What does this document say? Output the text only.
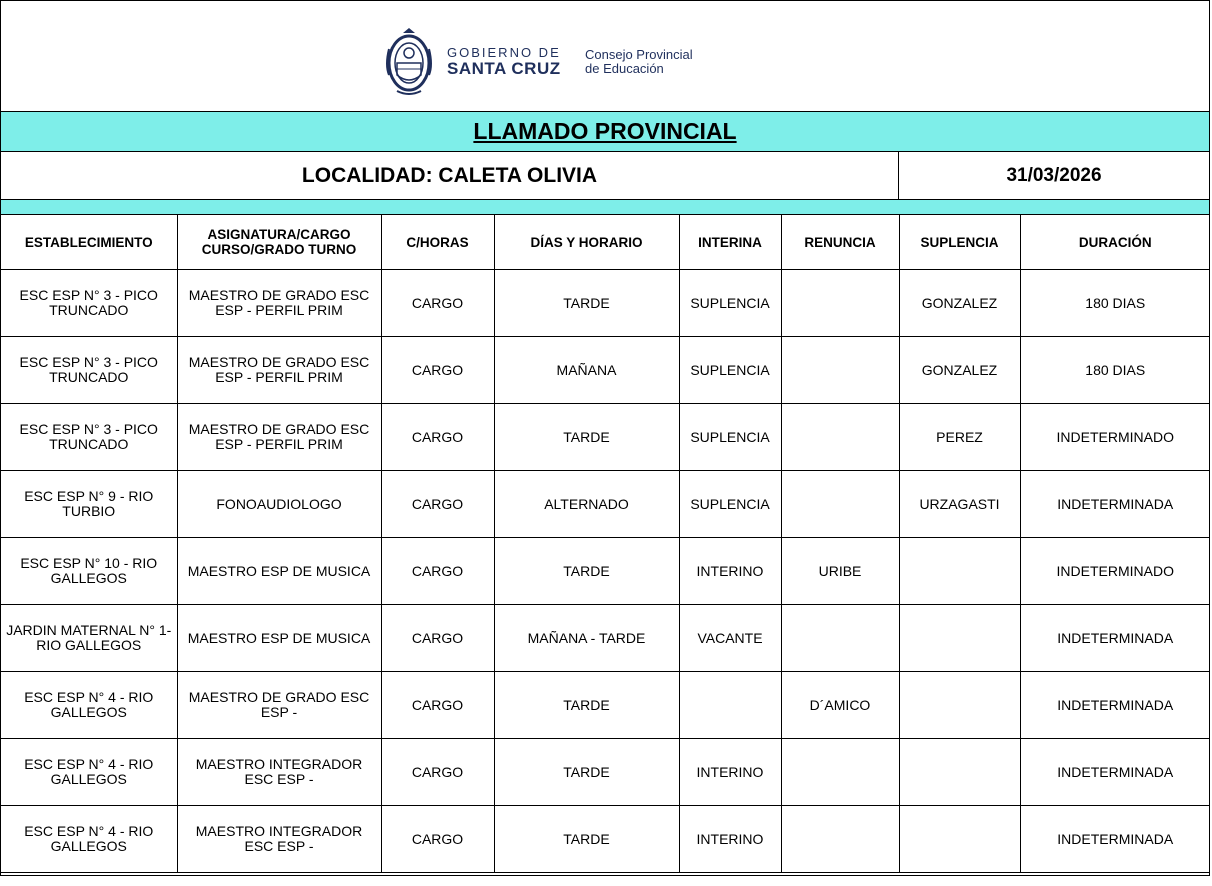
GOBIERNO DE
SANTA CRUZ
Consejo Provincial
de Educación
LLAMADO PROVINCIAL
LOCALIDAD: CALETA OLIVIA	31/03/2026
ESTABLECIMIENTO	ASIGNATURA/CARGO CURSO/GRADO TURNO	C/HORAS	DÍAS Y HORARIO	INTERINA	RENUNCIA	SUPLENCIA	DURACIÓN
ESC ESP N° 3 - PICO TRUNCADO	MAESTRO DE GRADO ESC ESP - PERFIL PRIM	CARGO	TARDE	SUPLENCIA		GONZALEZ	180 DIAS
ESC ESP N° 3 - PICO TRUNCADO	MAESTRO DE GRADO ESC ESP - PERFIL PRIM	CARGO	MAÑANA	SUPLENCIA		GONZALEZ	180 DIAS
ESC ESP N° 3 - PICO TRUNCADO	MAESTRO DE GRADO ESC ESP - PERFIL PRIM	CARGO	TARDE	SUPLENCIA		PEREZ	INDETERMINADO
ESC ESP N° 9 - RIO TURBIO	FONOAUDIOLOGO	CARGO	ALTERNADO	SUPLENCIA		URZAGASTI	INDETERMINADA
ESC ESP N° 10 - RIO GALLEGOS	MAESTRO ESP DE MUSICA	CARGO	TARDE	INTERINO	URIBE		INDETERMINADO
JARDIN MATERNAL N° 1- RIO GALLEGOS	MAESTRO ESP DE MUSICA	CARGO	MAÑANA - TARDE	VACANTE			INDETERMINADA
ESC ESP N° 4 - RIO GALLEGOS	MAESTRO DE GRADO ESC ESP -	CARGO	TARDE		D´AMICO		INDETERMINADA
ESC ESP N° 4 - RIO GALLEGOS	MAESTRO INTEGRADOR ESC ESP -	CARGO	TARDE	INTERINO			INDETERMINADA
ESC ESP N° 4 - RIO GALLEGOS	MAESTRO INTEGRADOR ESC ESP -	CARGO	TARDE	INTERINO			INDETERMINADA
